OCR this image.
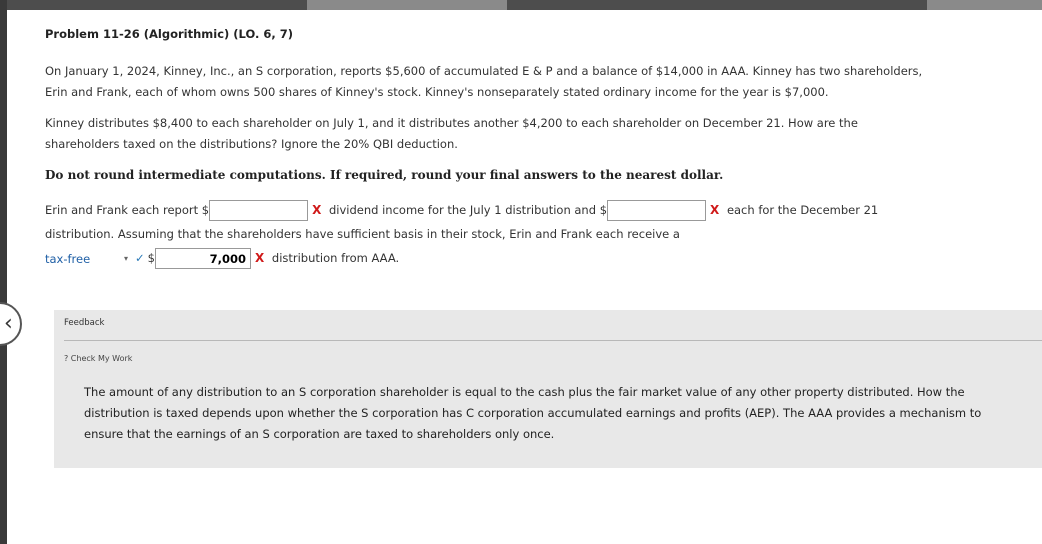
‹
Problem 11-26 (Algorithmic) (LO. 6, 7)

On January 1, 2024, Kinney, Inc., an S corporation, reports $5,600 of accumulated E & P and a balance of $14,000 in AAA. Kinney has two shareholders, Erin and Frank, each of whom owns 500 shares of Kinney's stock. Kinney's nonseparately stated ordinary income for the year is $7,000.

Kinney distributes $8,400 to each shareholder on July 1, and it distributes another $4,200 to each shareholder on December 21. How are the shareholders taxed on the distributions? Ignore the 20% QBI deduction.

Do not round intermediate computations. If required, round your final answers to the nearest dollar.

Erin and Frank each report $	X dividend income for the July 1 distribution and $	X each for the December 21 distribution. Assuming that the shareholders have sufficient basis in their stock, Erin and Frank each receive a

tax-free	▾ ✓ $7,000	X distribution from AAA.
Feedback
? Check My Work
The amount of any distribution to an S corporation shareholder is equal to the cash plus the fair market value of any other property distributed. How the distribution is taxed depends upon whether the S corporation has C corporation accumulated earnings and profits (AEP). The AAA provides a mechanism to ensure that the earnings of an S corporation are taxed to shareholders only once.
